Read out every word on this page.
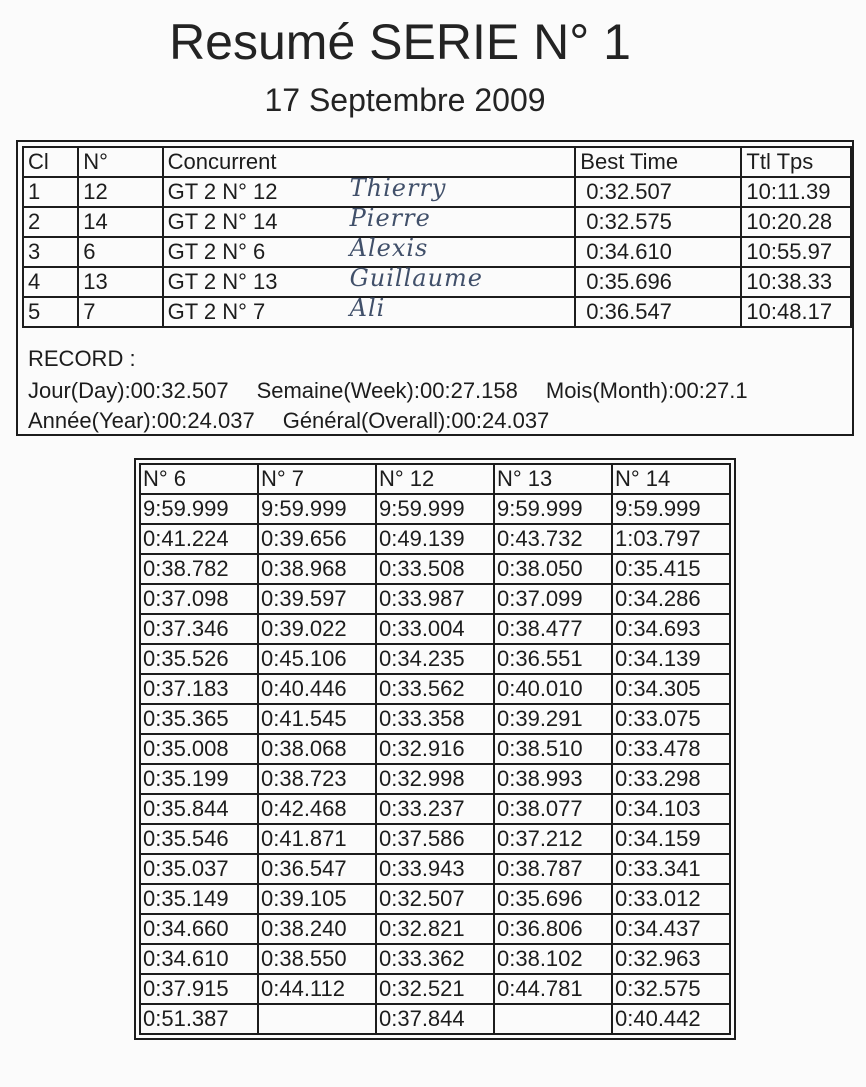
Resumé SERIE N° 1
17 Septembre 2009
Cl	N°	Concurrent	Best Time	Ttl Tps
1	12	GT 2 N° 12 Thierry	0:32.507	10:11.39
2	14	GT 2 N° 14 Pierre	0:32.575	10:20.28
3	6	GT 2 N° 6 Alexis	0:34.610	10:55.97
4	13	GT 2 N° 13 Guillaume	0:35.696	10:38.33
5	7	GT 2 N° 7 Ali	0:36.547	10:48.17
RECORD :
Jour(Day):00:32.507 Semaine(Week):00:27.158 Mois(Month):00:27.1
Année(Year):00:24.037 Général(Overall):00:24.037
N° 6	N° 7	N° 12	N° 13	N° 14
9:59.999	9:59.999	9:59.999	9:59.999	9:59.999
0:41.224	0:39.656	0:49.139	0:43.732	1:03.797
0:38.782	0:38.968	0:33.508	0:38.050	0:35.415
0:37.098	0:39.597	0:33.987	0:37.099	0:34.286
0:37.346	0:39.022	0:33.004	0:38.477	0:34.693
0:35.526	0:45.106	0:34.235	0:36.551	0:34.139
0:37.183	0:40.446	0:33.562	0:40.010	0:34.305
0:35.365	0:41.545	0:33.358	0:39.291	0:33.075
0:35.008	0:38.068	0:32.916	0:38.510	0:33.478
0:35.199	0:38.723	0:32.998	0:38.993	0:33.298
0:35.844	0:42.468	0:33.237	0:38.077	0:34.103
0:35.546	0:41.871	0:37.586	0:37.212	0:34.159
0:35.037	0:36.547	0:33.943	0:38.787	0:33.341
0:35.149	0:39.105	0:32.507	0:35.696	0:33.012
0:34.660	0:38.240	0:32.821	0:36.806	0:34.437
0:34.610	0:38.550	0:33.362	0:38.102	0:32.963
0:37.915	0:44.112	0:32.521	0:44.781	0:32.575
0:51.387		0:37.844		0:40.442
